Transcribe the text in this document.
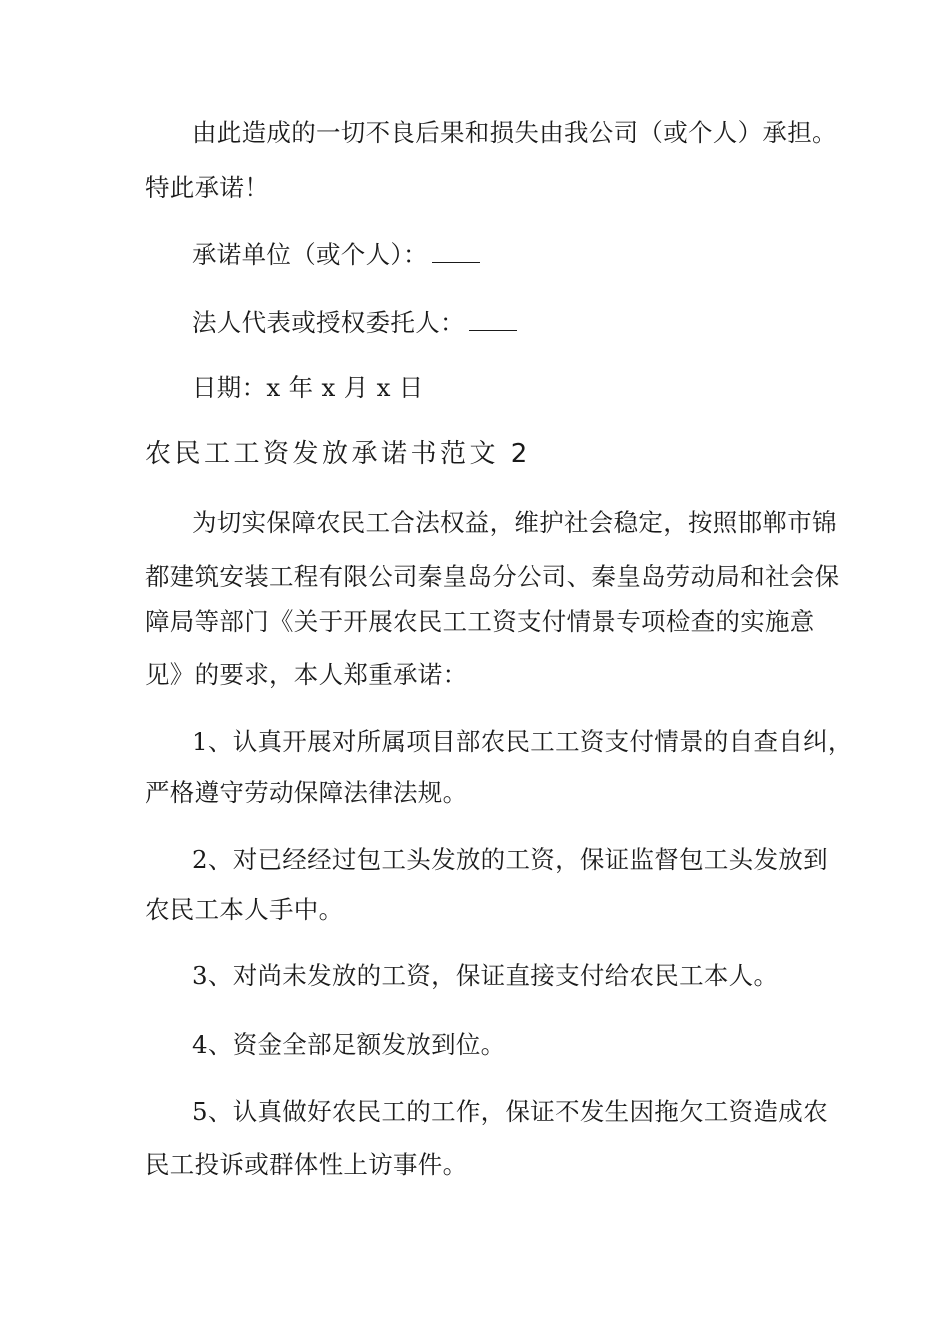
由此造成的一切不良后果和损失由我公司（或个人）承担。
特此承诺！
承诺单位（或个人）：
法人代表或授权委托人：
日期：x 年 x 月 x 日
农民工工资发放承诺书范文 2
为切实保障农民工合法权益，维护社会稳定，按照邯郸市锦
都建筑安装工程有限公司秦皇岛分公司、秦皇岛劳动局和社会保
障局等部门《关于开展农民工工资支付情景专项检查的实施意
见》的要求，本人郑重承诺：
1、认真开展对所属项目部农民工工资支付情景的自查自纠，
严格遵守劳动保障法律法规。
2、对已经经过包工头发放的工资，保证监督包工头发放到
农民工本人手中。
3、对尚未发放的工资，保证直接支付给农民工本人。
4、资金全部足额发放到位。
5、认真做好农民工的工作，保证不发生因拖欠工资造成农
民工投诉或群体性上访事件。
